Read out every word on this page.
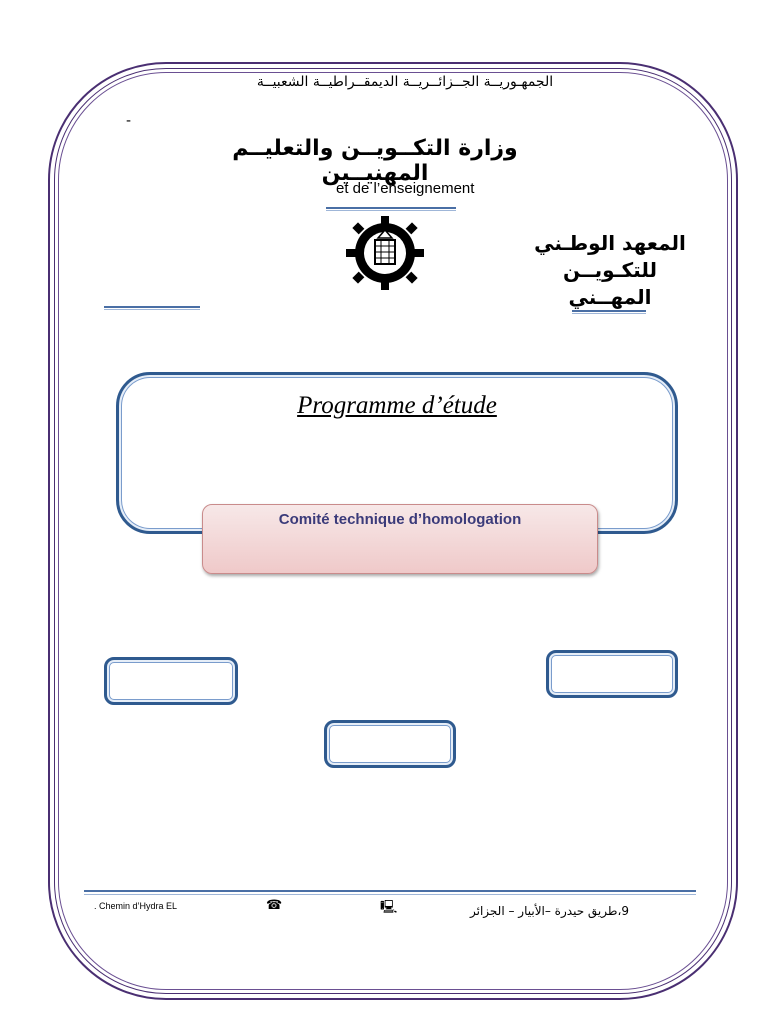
الجمهـوريــة الجــزائــريــة الديمقــراطيــة الشعبيــة
-
وزارة التكــويــن والتعليــم المهنيــين
et de l’enseignement
المعهد الوطـني
للتكـويــن المهــني
Programme d’étude
Comité technique d’homologation
. Chemin d’Hydra EL	☎	🖳	9،طريق حيدرة –الأبيار – الجزائر
